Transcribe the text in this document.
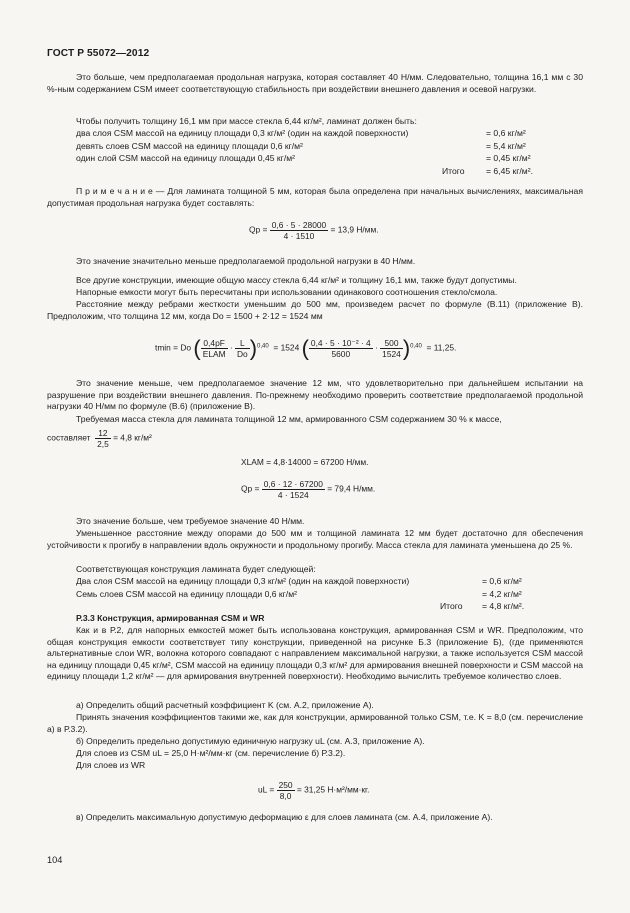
ГОСТ Р 55072—2012
Это больше, чем предполагаемая продольная нагрузка, которая составляет 40 Н/мм. Следовательно, толщина 16,1 мм с 30 %-ным содержанием CSM имеет соответствующую стабильность при воздействии внешнего давления и осевой нагрузки.
Чтобы получить толщину 16,1 мм при массе стекла 6,44 кг/м², ламинат должен быть:
два слоя CSM массой на единицу площади 0,3 кг/м² (один на каждой поверхности)	= 0,6 кг/м²
девять слоев CSM массой на единицу площади 0,6 кг/м²	= 5,4 кг/м²
один слой CSM массой на единицу площади 0,45 кг/м²	= 0,45 кг/м²
Итого = 6,45 кг/м².
П р и м е ч а н и е — Для ламината толщиной 5 мм, которая была определена при начальных вычислениях, максимальная допустимая продольная нагрузка будет составлять:
$Qp = \frac{0,6 \cdot 5 \cdot 28000}{4 \cdot 1510} = 13,9$ Н/мм.
Это значение значительно меньше предполагаемой продольной нагрузки в 40 Н/мм.
Все другие конструкции, имеющие общую массу стекла 6,44 кг/м² и толщину 16,1 мм, также будут допустимы.
Напорные емкости могут быть пересчитаны при использовании одинакового соотношения стекло/смола.
Расстояние между ребрами жесткости уменьшим до 500 мм, произведем расчет по формуле (В.11) (приложение В). Предположим, что толщина 12 мм, когда Do = 1500 + 2·12 = 1524 мм
tmin = Do ( $\frac{0,4pF}{\text{ELAM}} \cdot \frac{L}{Do} )^{0,40} = 1524$ ( $\frac{\text{0,4 · 5 · 10⁻² · 4}}{5600} \cdot \frac{500}{1524} )^{0,40} = 11,25$.
Это значение меньше, чем предполагаемое значение 12 мм, что удовлетворительно при дальнейшем испытании на разрушение при воздействии внешнего давления. По-прежнему необходимо проверить соответствие предполагаемой продольной нагрузки 40 Н/мм по формуле (В.6) (приложение В).
Требуемая масса стекла для ламината толщиной 12 мм, армированного CSM содержанием 30 % к массе,
составляет $\frac{12}{2,5} = 4,8$ кг/м²
XLAM = 4,8·14000 = 67200 Н/мм.
$Qp = \frac{0,6 \cdot 12 \cdot 67200}{4 \cdot 1524} = 79,4$ Н/мм.
Это значение больше, чем требуемое значение 40 Н/мм.
Уменьшенное расстояние между опорами до 500 мм и толщиной ламината 12 мм будет достаточно для обеспечения устойчивости к прогибу в направлении вдоль окружности и продольному прогибу. Масса стекла для ламината уменьшена до 25 %.
Соответствующая конструкция ламината будет следующей:
Два слоя CSM массой на единицу площади 0,3 кг/м² (один на каждой поверхности)	= 0,6 кг/м²
Семь слоев CSM массой на единицу площади 0,6 кг/м²	= 4,2 кг/м²
Итого = 4,8 кг/м².
Р.3.3 Конструкция, армированная CSM и WR
Как и в Р.2, для напорных емкостей может быть использована конструкция, армированная CSM и WR. Предположим, что общая конструкция емкости соответствует типу конструкции, приведенной на рисунке Б.3 (приложение Б), (где применяются альтернативные слои WR, волокна которого совпадают с направлением максимальной нагрузки, а также используется CSM массой на единицу площади 0,45 кг/м², CSM массой на единицу площади 0,3 кг/м² для армирования внешней поверхности и CSM массой на единицу площади 1,2 кг/м² — для армирования внутренней поверхности). Необходимо вычислить требуемое количество слоев.
а) Определить общий расчетный коэффициент K (см. А.2, приложение А).
Принять значения коэффициентов такими же, как для конструкции, армированной только CSM, т.е. K = 8,0 (см. перечисление а) в Р.3.2).
б) Определить предельно допустимую единичную нагрузку uL (см. А.3, приложение А).
Для слоев из CSM uL = 25,0 Н·м²/мм·кг (см. перечисление б) Р.3.2).
Для слоев из WR
uL = $\frac{250}{8,0} = 31,25$ Н·м²/мм·кг.
в) Определить максимальную допустимую деформацию ε для слоев ламината (см. А.4, приложение А).
104
